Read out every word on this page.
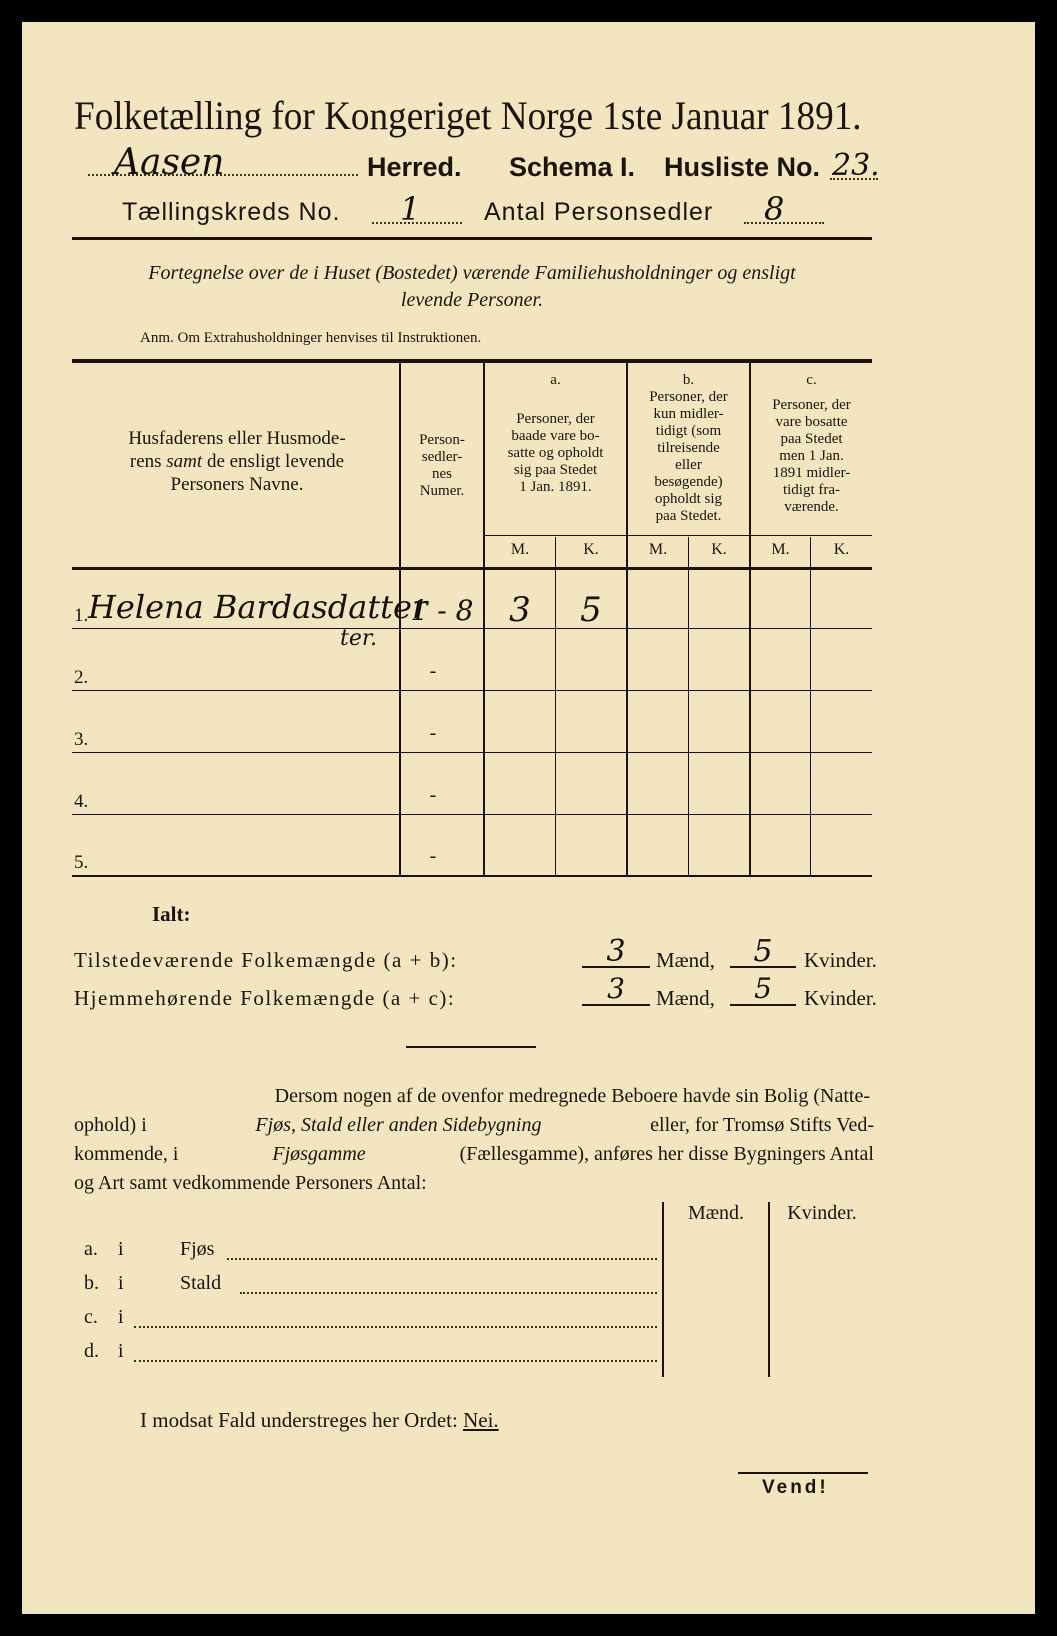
Folketælling for Kongeriget Norge 1ste Januar 1891.
Aasen	Herred. Schema I. Husliste No. 23.
Tællingskreds No. 1	Antal Personsedler 8
Fortegnelse over de i Huset (Bostedet) værende Familiehusholdninger og ensligt
levende Personer.
Anm. Om Extrahusholdninger henvises til Instruktionen.
Husfaderens eller Husmode-
rens samt de ensligt levende
Personers Navne.
Person-
sedler-
nes
Numer.
a.
Personer, der
baade vare bo-
satte og opholdt
sig paa Stedet
1 Jan. 1891.
b.
Personer, der
kun midler-
tidigt (som
tilreisende
eller
besøgende)
opholdt sig
paa Stedet.
c.
Personer, der
vare bosatte
paa Stedet
men 1 Jan.
1891 midler-
tidigt fra-
værende.
M.	K.	M.	K.	M.	K.
1. Helena Bardasdatter
ter.
1 - 8	3	5
2.	-
3.	-
4.	-
5.	-
Ialt:
Tilstedeværende Folkemængde (a + b):	3	Mænd,	5	Kvinder.
Hjemmehørende Folkemængde (a + c):	3	Mænd,	5	Kvinder.
Dersom nogen af de ovenfor medregnede Beboere havde sin Bolig (Natte-
ophold) i	Fjøs, Stald eller anden Sidebygning	eller, for Tromsø Stifts Ved-
kommende, i	Fjøsgamme	(Fællesgamme), anføres her disse Bygningers Antal
og Art samt vedkommende Personers Antal:
Mænd.	Kvinder.
a. i	Fjøs
b. i	Stald
c. i
d. i
I modsat Fald understreges her Ordet: Nei.
Vend!
